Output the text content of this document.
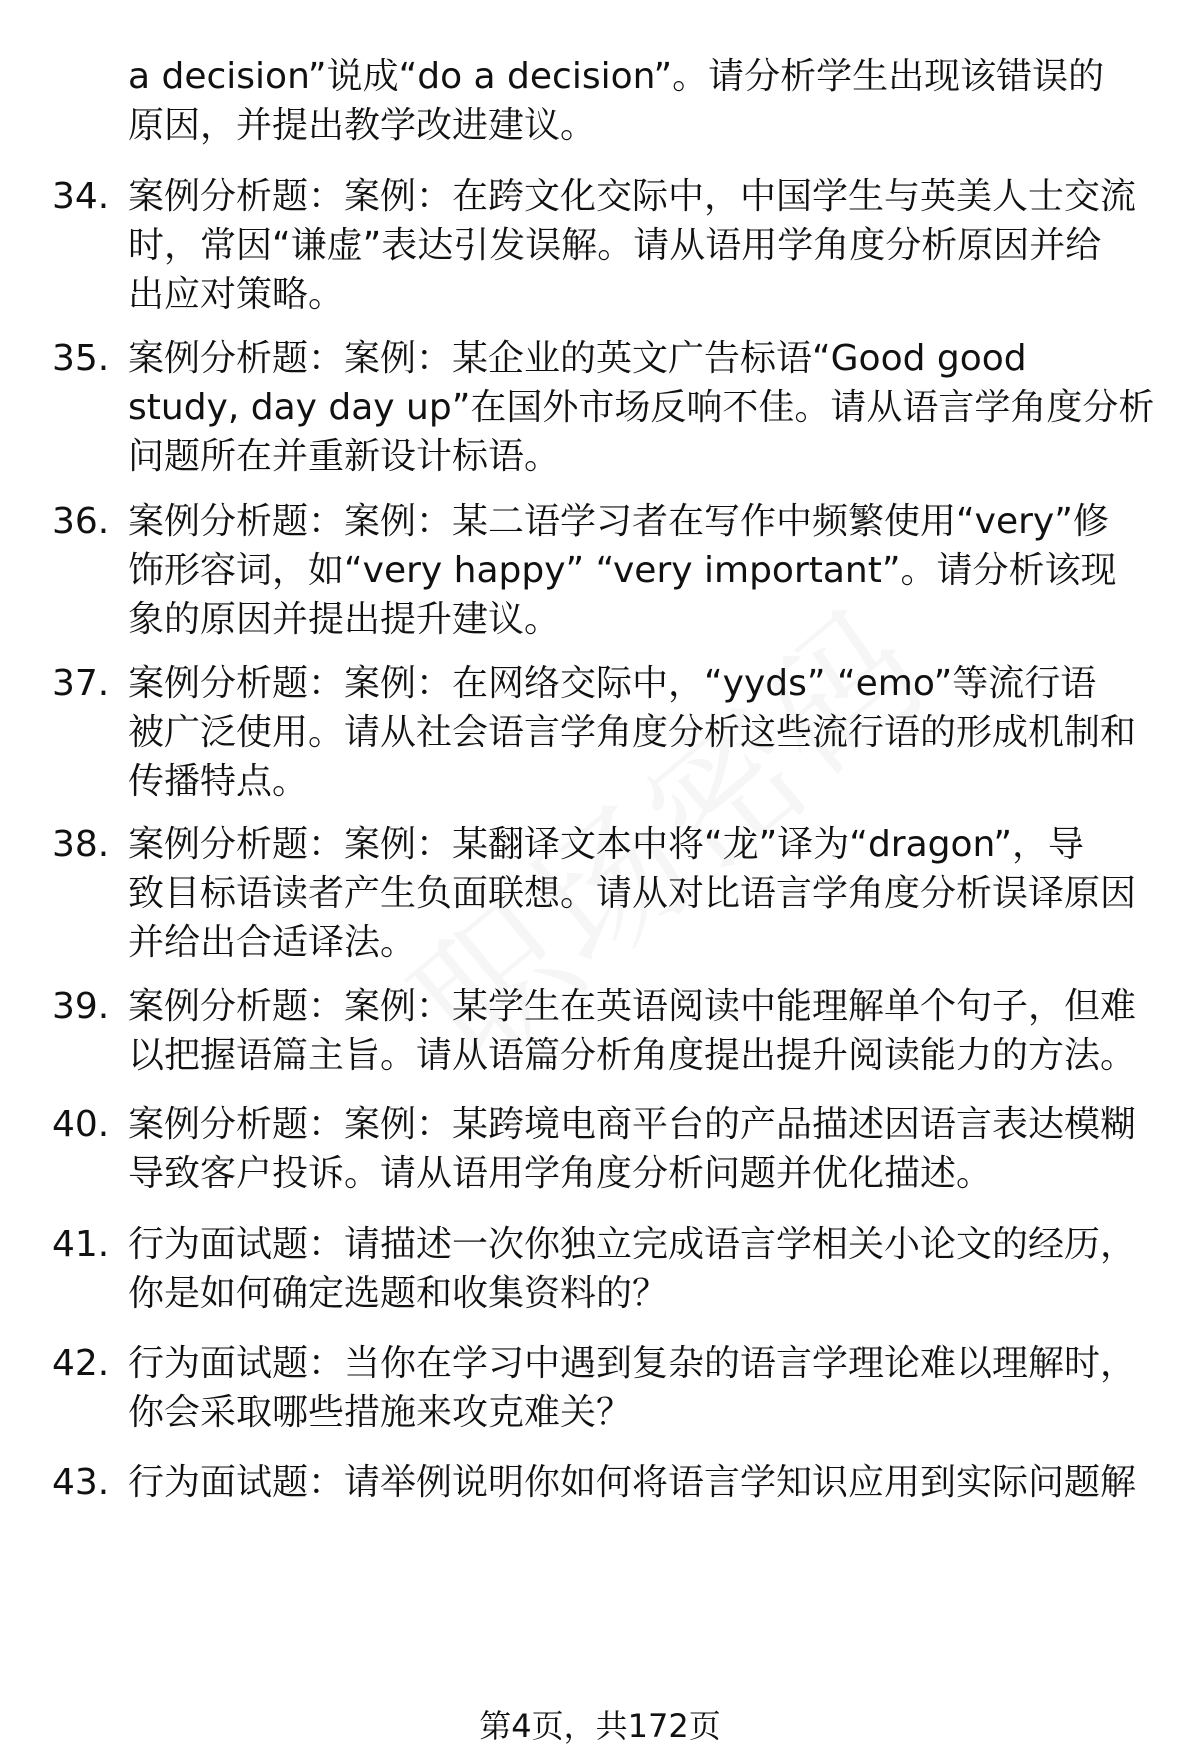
a decision”说成“do a decision”。请分析学生出现该错误的
原因，并提出教学改进建议。
34. 案例分析题：案例：在跨文化交际中，中国学生与英美人士交流
时，常因“谦虚”表达引发误解。请从语用学角度分析原因并给
出应对策略。
35. 案例分析题：案例：某企业的英文广告标语“Good good
study, day day up”在国外市场反响不佳。请从语言学角度分析
问题所在并重新设计标语。
36. 案例分析题：案例：某二语学习者在写作中频繁使用“very”修
饰形容词，如“very happy” “very important”。请分析该现
象的原因并提出提升建议。
37. 案例分析题：案例：在网络交际中，“yyds” “emo”等流行语
被广泛使用。请从社会语言学角度分析这些流行语的形成机制和
传播特点。
38. 案例分析题：案例：某翻译文本中将“龙”译为“dragon”，导
致目标语读者产生负面联想。请从对比语言学角度分析误译原因
并给出合适译法。
39. 案例分析题：案例：某学生在英语阅读中能理解单个句子，但难
以把握语篇主旨。请从语篇分析角度提出提升阅读能力的方法。
40. 案例分析题：案例：某跨境电商平台的产品描述因语言表达模糊
导致客户投诉。请从语用学角度分析问题并优化描述。
41. 行为面试题：请描述一次你独立完成语言学相关小论文的经历，
你是如何确定选题和收集资料的？
42. 行为面试题：当你在学习中遇到复杂的语言学理论难以理解时，
你会采取哪些措施来攻克难关？
43. 行为面试题：请举例说明你如何将语言学知识应用到实际问题解
第4页，共172页
